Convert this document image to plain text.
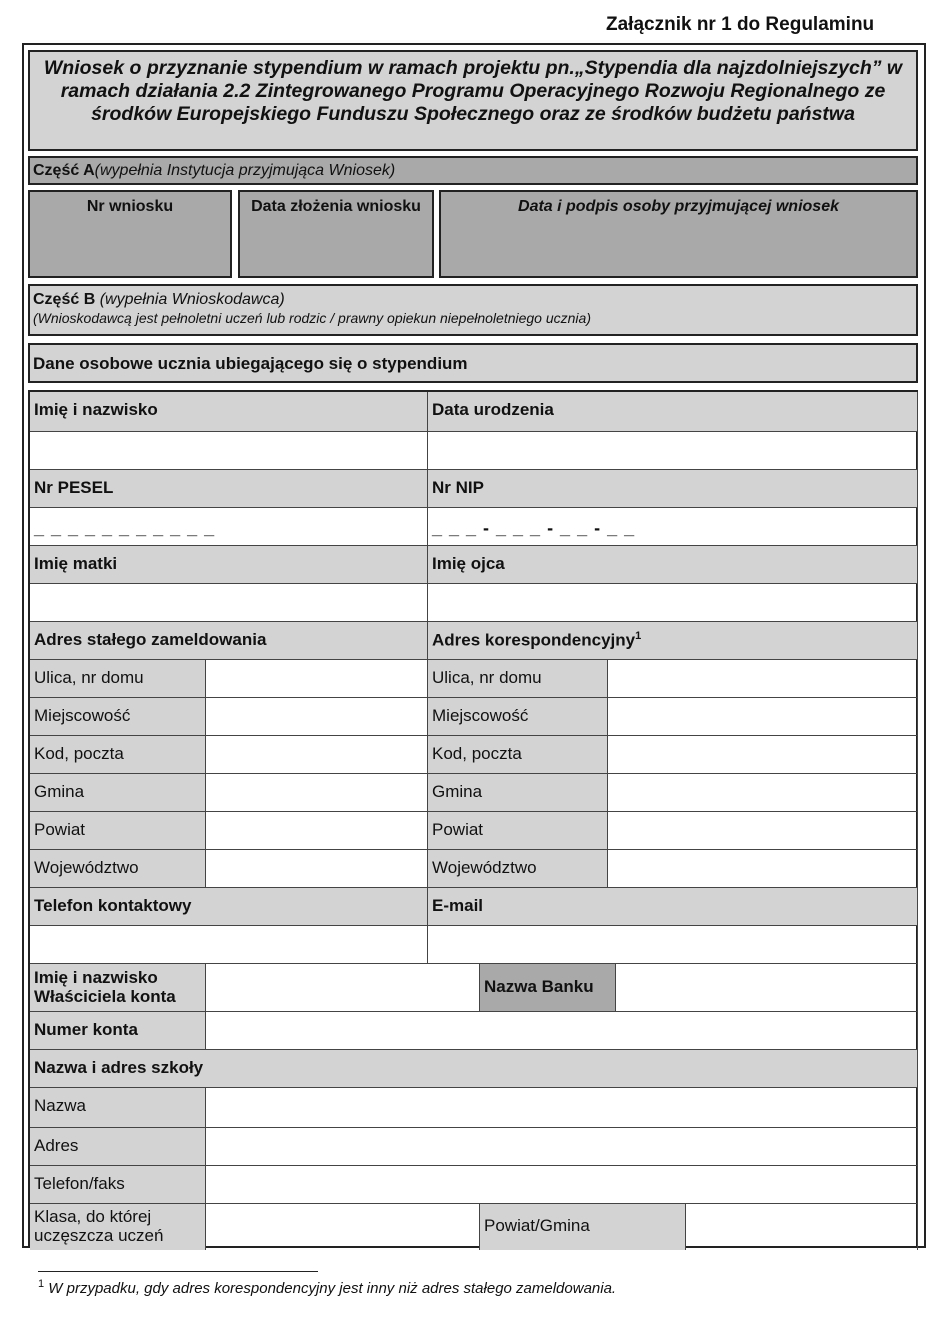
Załącznik nr 1 do Regulaminu
Wniosek o przyznanie stypendium w ramach projektu pn.„Stypendia dla najzdolniejszych” w ramach działania 2.2 Zintegrowanego Programu Operacyjnego Rozwoju Regionalnego ze środków Europejskiego Funduszu Społecznego oraz ze środków budżetu państwa
Część A(wypełnia Instytucja przyjmująca Wniosek)
Nr wniosku	Data złożenia wniosku	Data i podpis osoby przyjmującej wniosek
Część B (wypełnia Wnioskodawca)
(Wnioskodawcą jest pełnoletni uczeń lub rodzic / prawny opiekun niepełnoletniego ucznia)
Dane osobowe ucznia ubiegającego się o stypendium
Imię i nazwisko	Data urodzenia
Nr PESEL	Nr NIP
_ _ _ _ _ _ _ _ _ _ _	_ _ _ - _ _ _ - _ _ - _ _
Imię matki	Imię ojca
Adres stałego zameldowania	Adres korespondencyjny$^1$
Ulica, nr domu	Ulica, nr domu
Miejscowość	Miejscowość
Kod, poczta	Kod, poczta
Gmina	Gmina
Powiat	Powiat
Województwo	Województwo
Telefon kontaktowy	E-mail
Imię i nazwisko Właściciela konta
Nazwa Banku
Numer konta
Nazwa i adres szkoły
Nazwa
Adres
Telefon/faks
Klasa, do której uczęszcza uczeń
Powiat/Gmina
$^1$ W przypadku, gdy adres korespondencyjny jest inny niż adres stałego zameldowania.
